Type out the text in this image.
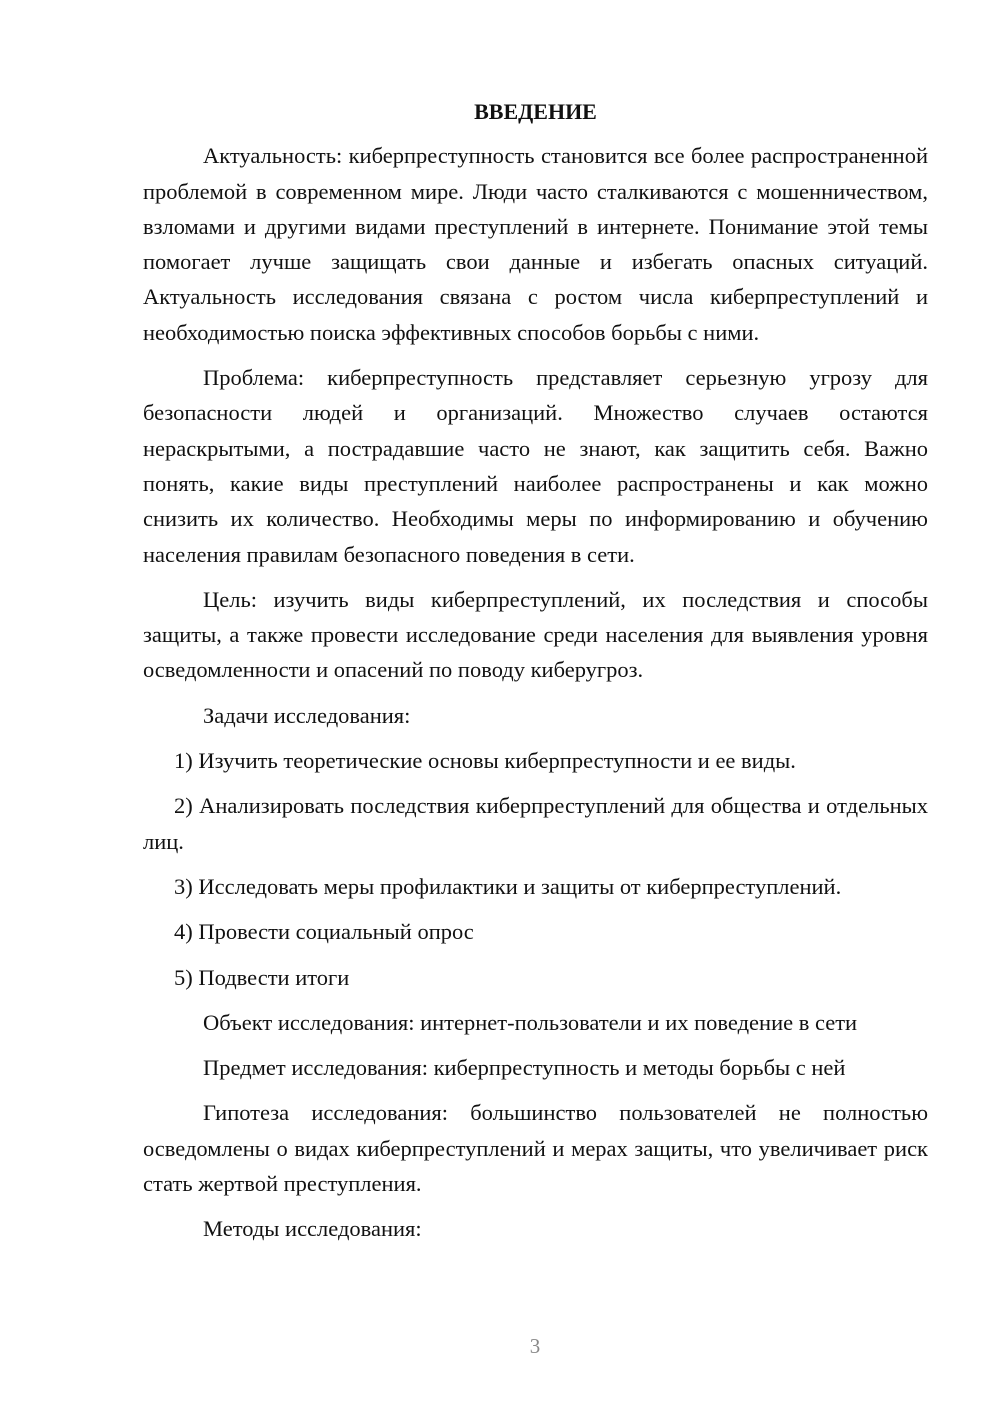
ВВЕДЕНИЕ

Актуальность: киберпреступность становится все более распространенной проблемой в современном мире. Люди часто сталкиваются с мошенничеством, взломами и другими видами преступлений в интернете. Понимание этой темы помогает лучше защищать свои данные и избегать опасных ситуаций. Актуальность исследования связана с ростом числа киберпреступлений и необходимостью поиска эффективных способов борьбы с ними.

Проблема: киберпреступность представляет серьезную угрозу для безопасности людей и организаций. Множество случаев остаются нераскрытыми, а пострадавшие часто не знают, как защитить себя. Важно понять, какие виды преступлений наиболее распространены и как можно снизить их количество. Необходимы меры по информированию и обучению населения правилам безопасного поведения в сети.

Цель: изучить виды киберпреступлений, их последствия и способы защиты, а также провести исследование среди населения для выявления уровня осведомленности и опасений по поводу киберугроз.

Задачи исследования:

1) Изучить теоретические основы киберпреступности и ее виды.

2) Анализировать последствия киберпреступлений для общества и отдельных лиц.

3) Исследовать меры профилактики и защиты от киберпреступлений.

4) Провести социальный опрос

5) Подвести итоги

Объект исследования: интернет-пользователи и их поведение в сети

Предмет исследования: киберпреступность и методы борьбы с ней

Гипотеза исследования: большинство пользователей не полностью осведомлены о видах киберпреступлений и мерах защиты, что увеличивает риск стать жертвой преступления.

Методы исследования:

3
